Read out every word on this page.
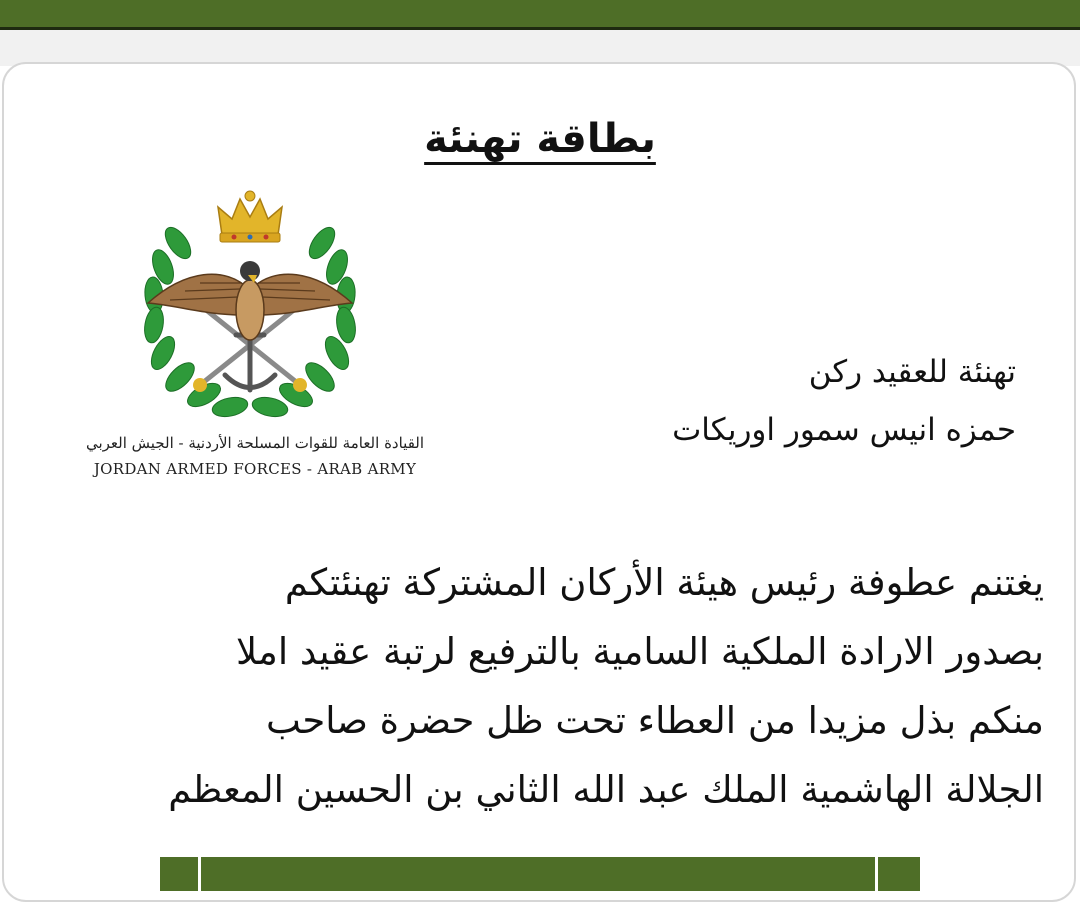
بطاقة تهنئة
القيادة العامة للقوات المسلحة الأردنية - الجيش العربي
JORDAN ARMED FORCES - ARAB ARMY
تهنئة للعقيد ركن
حمزه انيس سمور اوريكات
يغتنم عطوفة رئيس هيئة الأركان المشتركة تهنئتكم
بصدور الارادة الملكية السامية بالترفيع لرتبة عقيد املا
منكم بذل مزيدا من العطاء تحت ظل حضرة صاحب
الجلالة الهاشمية الملك عبد الله الثاني بن الحسين المعظم
